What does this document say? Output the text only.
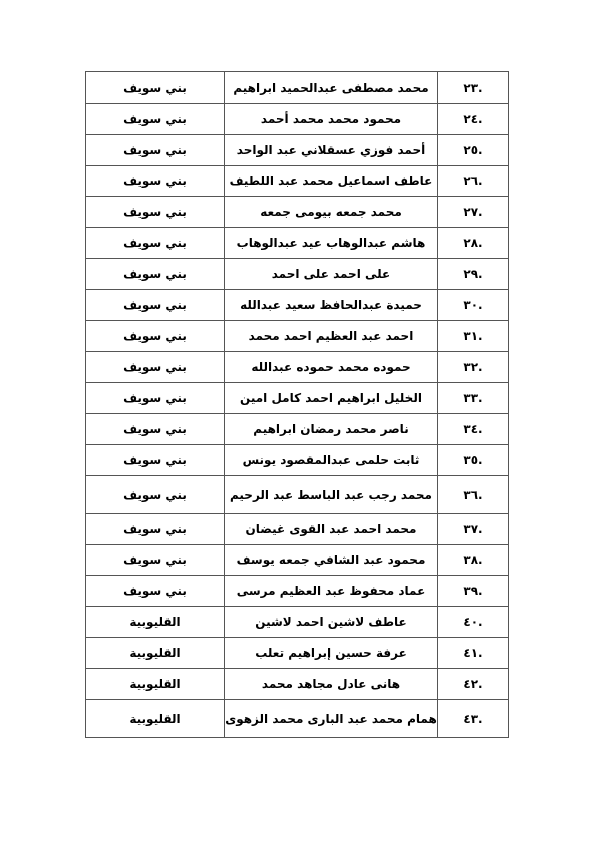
بني سويف	محمد مصطفى عبدالحميد ابراهيم	.٢٣
بني سويف	محمود محمد محمد أحمد	.٢٤
بني سويف	أحمد فوزي عسقلاني عبد الواحد	.٢٥
بني سويف	عاطف اسماعيل محمد عبد اللطيف	.٢٦
بني سويف	محمد جمعه بيومى جمعه	.٢٧
بني سويف	هاشم عبدالوهاب عيد عبدالوهاب	.٢٨
بني سويف	على احمد على احمد	.٢٩
بني سويف	حميدة عبدالحافظ سعيد عبدالله	.٣٠
بني سويف	احمد عبد العظيم احمد محمد	.٣١
بني سويف	حموده محمد حموده عبدالله	.٣٢
بني سويف	الخليل ابراهيم احمد كامل امين	.٣٣
بني سويف	ناصر محمد رمضان ابراهيم	.٣٤
بني سويف	ثابت حلمى عبدالمقصود يونس	.٣٥
بني سويف	محمد رجب عبد الباسط عبد الرحيم	.٣٦
بني سويف	محمد احمد عبد القوى غيضان	.٣٧
بني سويف	محمود عبد الشافي جمعه يوسف	.٣٨
بني سويف	عماد محفوظ عبد العظيم مرسى	.٣٩
القليوبية	عاطف لاشين احمد لاشين	.٤٠
القليوبية	عرفة حسين إبراهيم تعلب	.٤١
القليوبية	هانى عادل مجاهد محمد	.٤٢
القليوبية	همام محمد عبد البارى محمد الزهوى	.٤٣
